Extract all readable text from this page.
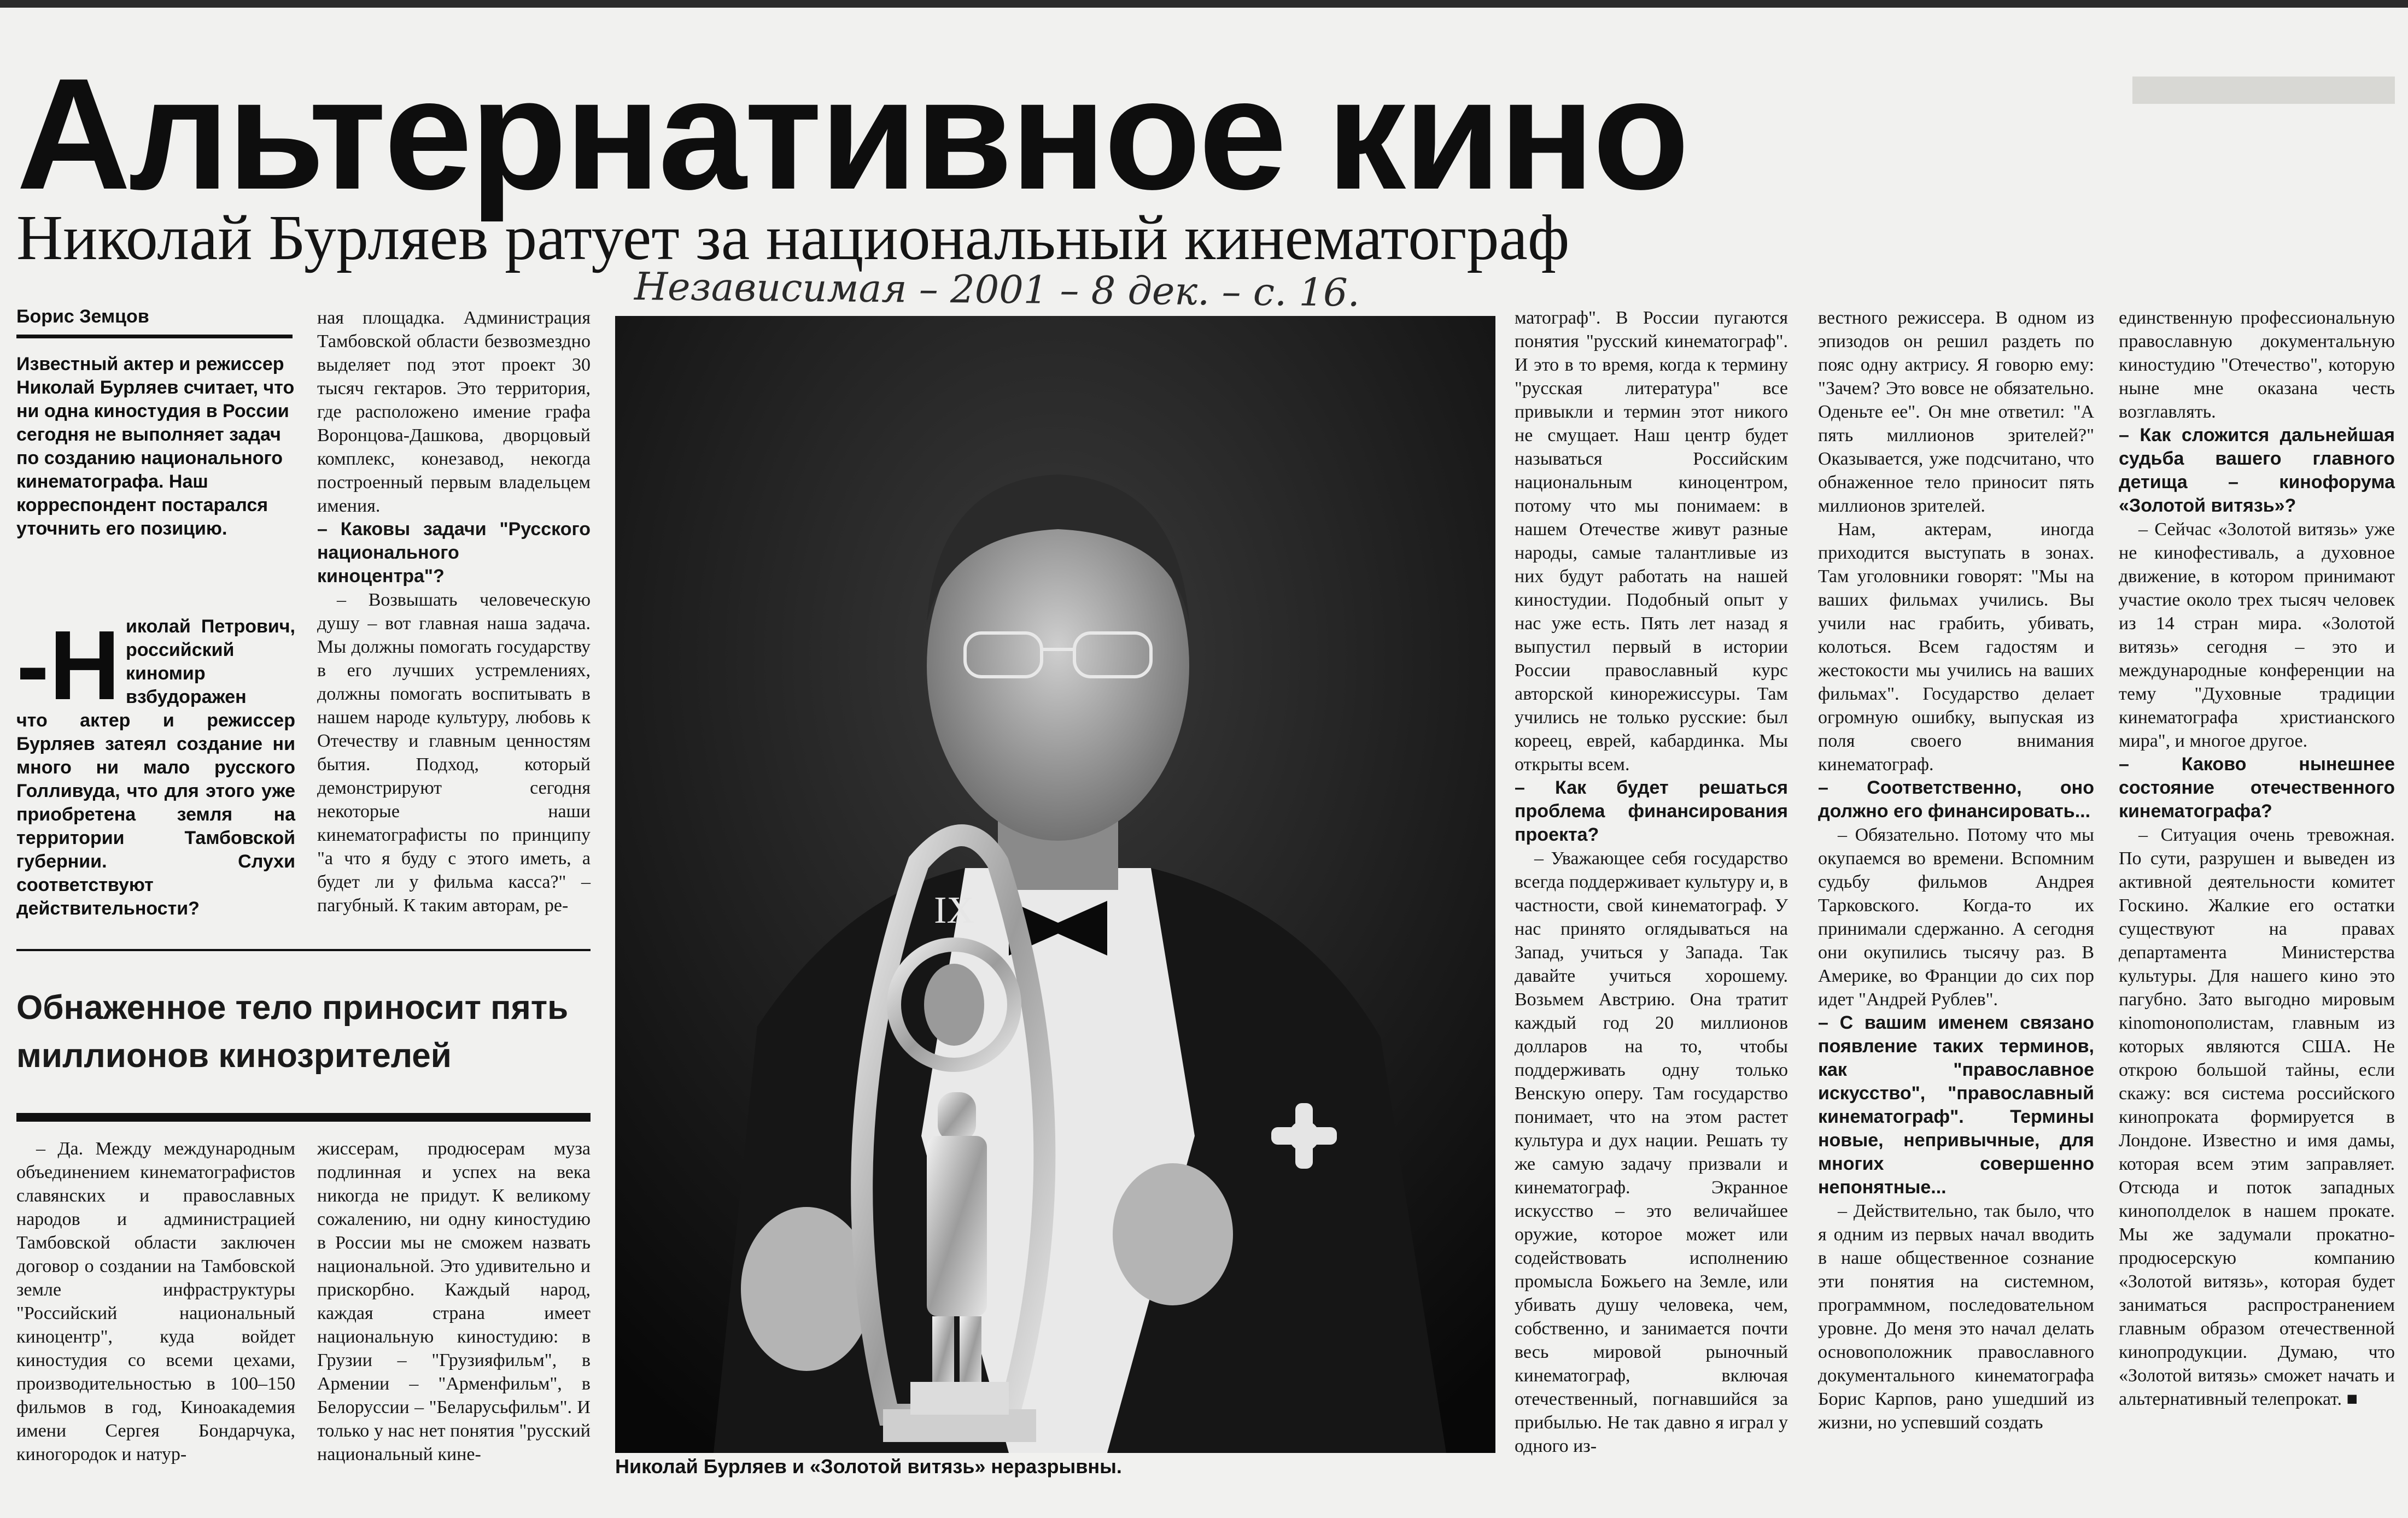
Альтернативное кино
Николай Бурляев ратует за национальный кинематограф
Независимая – 2001 – 8 дек. – с. 16.
Борис Земцов
Известный актер и режиссер Николай Бурляев считает, что ни одна киностудия в России сегодня не выполняет задач по созданию национального кинематографа. Наш корреспондент постарался уточнить его позицию.
-Н иколай Петрович, российский киномир взбудоражен
что актер и режиссер Бурляев затеял создание ни много ни мало русского Голливуда, что для этого уже приобретена земля на территории Тамбовской губернии. Слухи соответствуют действительности?
Обнаженное тело приносит пять миллионов кинозрителей

– Да. Между международным объединением кинематографистов славянских и православных народов и администрацией Тамбовской области заключен договор о создании на Тамбовской земле инфраструктуры "Российский национальный киноцентр", куда войдет киностудия со всеми цехами, производительностью в 100–150 фильмов в год, Киноакадемия имени Сергея Бондарчука, киногородок и натур-

ная площадка. Администрация Тамбовской области безвозмездно выделяет под этот проект 30 тысяч гектаров. Это территория, где расположено имение графа Воронцова-Дашкова, дворцовый комплекс, конезавод, некогда построенный первым владельцем имения.

– Каковы задачи "Русского национального киноцентра"?

– Возвышать человеческую душу – вот главная наша задача. Мы должны помогать государству в его лучших устремлениях, должны помогать воспитывать в нашем народе культуру, любовь к Отечеству и главным ценностям бытия. Подход, который демонстрируют сегодня некоторые наши кинематографисты по принципу "а что я буду с этого иметь, а будет ли у фильма касса?" – пагубный. К таким авторам, ре-

жиссерам, продюсерам муза подлинная и успех на века никогда не придут. К великому сожалению, ни одну киностудию в России мы не сможем назвать национальной. Это удивительно и прискорбно. Каждый народ, каждая страна имеет национальную киностудию: в Грузии – "Грузияфильм", в Армении – "Арменфильм", в Белоруссии – "Беларусьфильм". И только у нас нет понятия "русский национальный кине-

IX
Николай Бурляев и «Золотой витязь» неразрывны.

матограф". В России пугаются понятия "русский кинематограф". И это в то время, когда к термину "русская литература" все привыкли и термин этот никого не смущает. Наш центр будет называться Российским национальным киноцентром, потому что мы понимаем: в нашем Отечестве живут разные народы, самые талантливые из них будут работать на нашей киностудии. Подобный опыт у нас уже есть. Пять лет назад я выпустил первый в истории России православный курс авторской кинорежиссуры. Там учились не только русские: был кореец, еврей, кабардинка. Мы открыты всем.

– Как будет решаться проблема финансирования проекта?

– Уважающее себя государство всегда поддерживает культуру и, в частности, свой кинематограф. У нас принято оглядываться на Запад, учиться у Запада. Так давайте учиться хорошему. Возьмем Австрию. Она тратит каждый год 20 миллионов долларов на то, чтобы поддерживать одну только Венскую оперу. Там государство понимает, что на этом растет культура и дух нации. Решать ту же самую задачу призвали и кинематограф. Экранное искусство – это величайшее оружие, которое может или содействовать исполнению промысла Божьего на Земле, или убивать душу человека, чем, собственно, и занимается почти весь мировой рыночный кинематограф, включая отечественный, погнавшийся за прибылью. Не так давно я играл у одного из-

вестного режиссера. В одном из эпизодов он решил раздеть по пояс одну актрису. Я говорю ему: "Зачем? Это вовсе не обязательно. Оденьте ее". Он мне ответил: "А пять миллионов зрителей?" Оказывается, уже подсчитано, что обнаженное тело приносит пять миллионов зрителей.

Нам, актерам, иногда приходится выступать в зонах. Там уголовники говорят: "Мы на ваших фильмах учились. Вы учили нас грабить, убивать, колоться. Всем гадостям и жестокости мы учились на ваших фильмах". Государство делает огромную ошибку, выпуская из поля своего внимания кинематограф.

– Соответственно, оно должно его финансировать...

– Обязательно. Потому что мы окупаемся во времени. Вспомним судьбу фильмов Андрея Тарковского. Когда-то их принимали сдержанно. А сегодня они окупились тысячу раз. В Америке, во Франции до сих пор идет "Андрей Рублев".

– С вашим именем связано появление таких терминов, как "православное искусство", "православный кинематограф". Термины новые, непривычные, для многих совершенно непонятные...

– Действительно, так было, что я одним из первых начал вводить в наше общественное сознание эти понятия на системном, программном, последовательном уровне. До меня это начал делать основоположник православного документального кинематографа Борис Карпов, рано ушедший из жизни, но успевший создать

единственную профессиональную православную документальную киностудию "Отечество", которую ныне мне оказана честь возглавлять.

– Как сложится дальнейшая судьба вашего главного детища – кинофорума «Золотой витязь»?

– Сейчас «Золотой витязь» уже не кинофестиваль, а духовное движение, в котором принимают участие около трех тысяч человек из 14 стран мира. «Золотой витязь» сегодня – это и международные конференции на тему "Духовные традиции кинематографа христианского мира", и многое другое.

– Каково нынешнее состояние отечественного кинематографа?

– Ситуация очень тревожная. По сути, разрушен и выведен из активной деятельности комитет Госкино. Жалкие его остатки существуют на правах департамента Министерства культуры. Для нашего кино это пагубно. Зато выгодно мировым кinomонополистам, главным из которых являются США. Не открою большой тайны, если скажу: вся система российского кинопроката формируется в Лондоне. Известно и имя дамы, которая всем этим заправляет. Отсюда и поток западных кинополделок в нашем прокате. Мы же задумали прокатно-продюсерскую компанию «Золотой витязь», которая будет заниматься распространением главным образом отечественной кинопродукции. Думаю, что «Золотой витязь» сможет начать и альтернативный телепрокат. ■
